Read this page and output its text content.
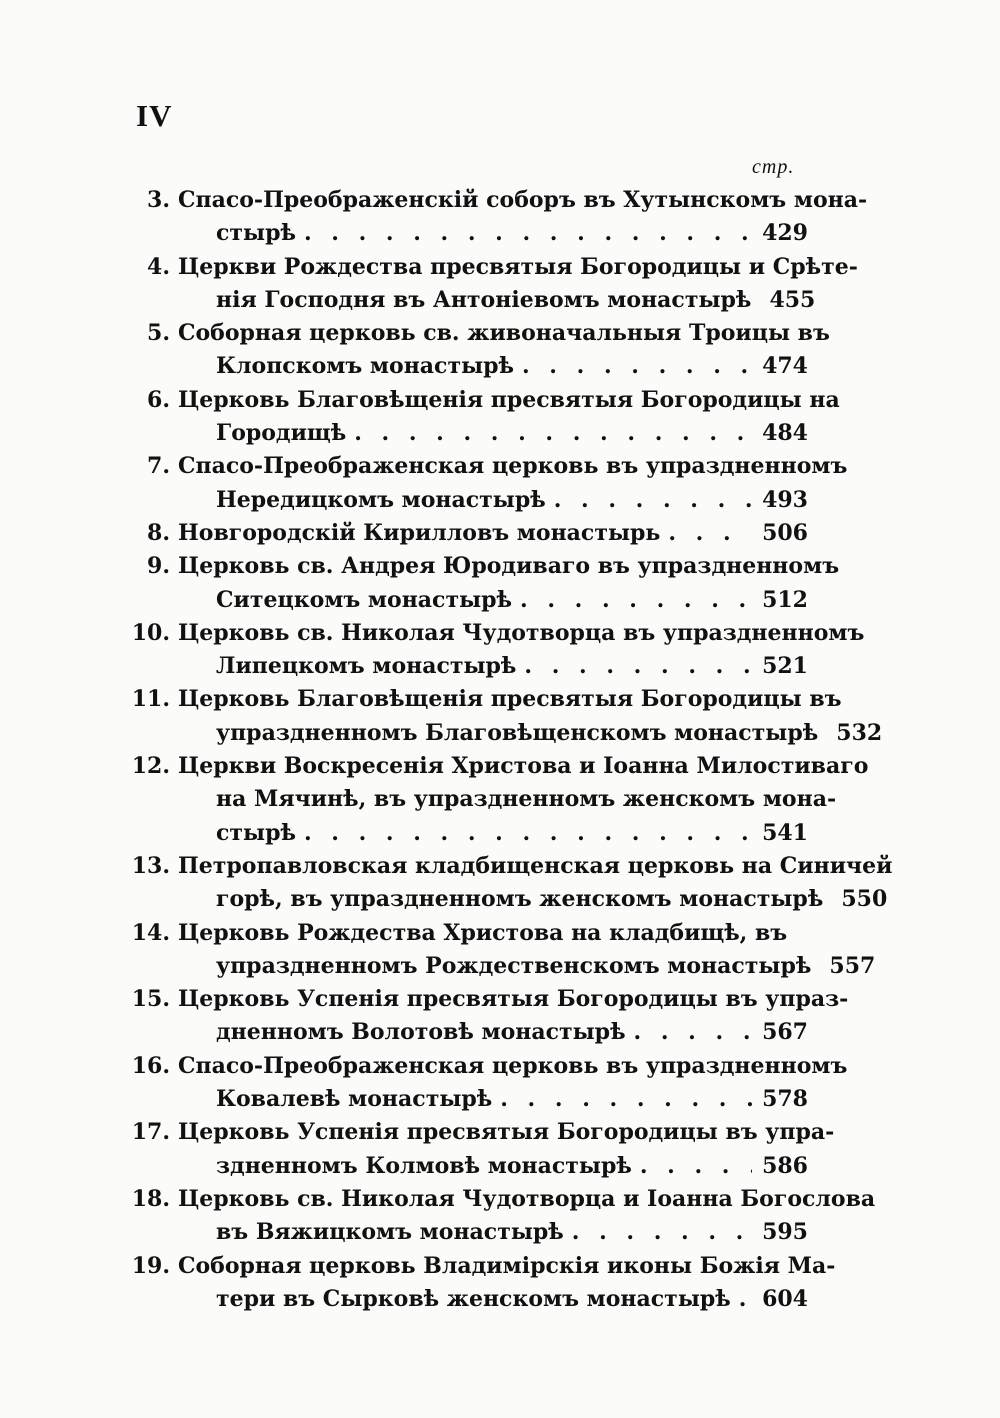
IV
стр.
3. Спасо-Преображенскій соборъ въ Хутынскомъ мона-
стырѣ . . .	429
4. Церкви Рождества пресвятыя Богородицы и Срѣте-
нія Господня въ Антоніевомъ монастырѣ 455
5. Соборная церковь св. живоначальныя Троицы въ
Клопскомъ монастырѣ . . .	474
6. Церковь Благовѣщенія пресвятыя Богородицы на
Городищѣ . . .	484
7. Спасо-Преображенская церковь въ упраздненномъ
Нередицкомъ монастырѣ . . .	493
8. Новгородскій Кирилловъ монастырь . . .	506
9. Церковь св. Андрея Юродиваго въ упраздненномъ
Ситецкомъ монастырѣ . . .	512
10. Церковь св. Николая Чудотворца въ упраздненномъ
Липецкомъ монастырѣ . . .	521
11. Церковь Благовѣщенія пресвятыя Богородицы въ
упраздненномъ Благовѣщенскомъ монастырѣ 532
12. Церкви Воскресенія Христова и Іоанна Милостиваго
на Мячинѣ, въ упраздненномъ женскомъ мона-
стырѣ . . .	541
13. Петропавловская кладбищенская церковь на Синичей
горѣ, въ упраздненномъ женскомъ монастырѣ 550
14. Церковь Рождества Христова на кладбищѣ, въ
упраздненномъ Рождественскомъ монастырѣ 557
15. Церковь Успенія пресвятыя Богородицы въ упраз-
дненномъ Волотовѣ монастырѣ . . .	567
16. Спасо-Преображенская церковь въ упраздненномъ
Ковалевѣ монастырѣ . . .	578
17. Церковь Успенія пресвятыя Богородицы въ упра-
здненномъ Колмовѣ монастырѣ . . .	586
18. Церковь св. Николая Чудотворца и Іоанна Богослова
въ Вяжицкомъ монастырѣ . . .	595
19. Соборная церковь Владимірскія иконы Божія Ма-
тери въ Сырковѣ женскомъ монастырѣ . . . 604
